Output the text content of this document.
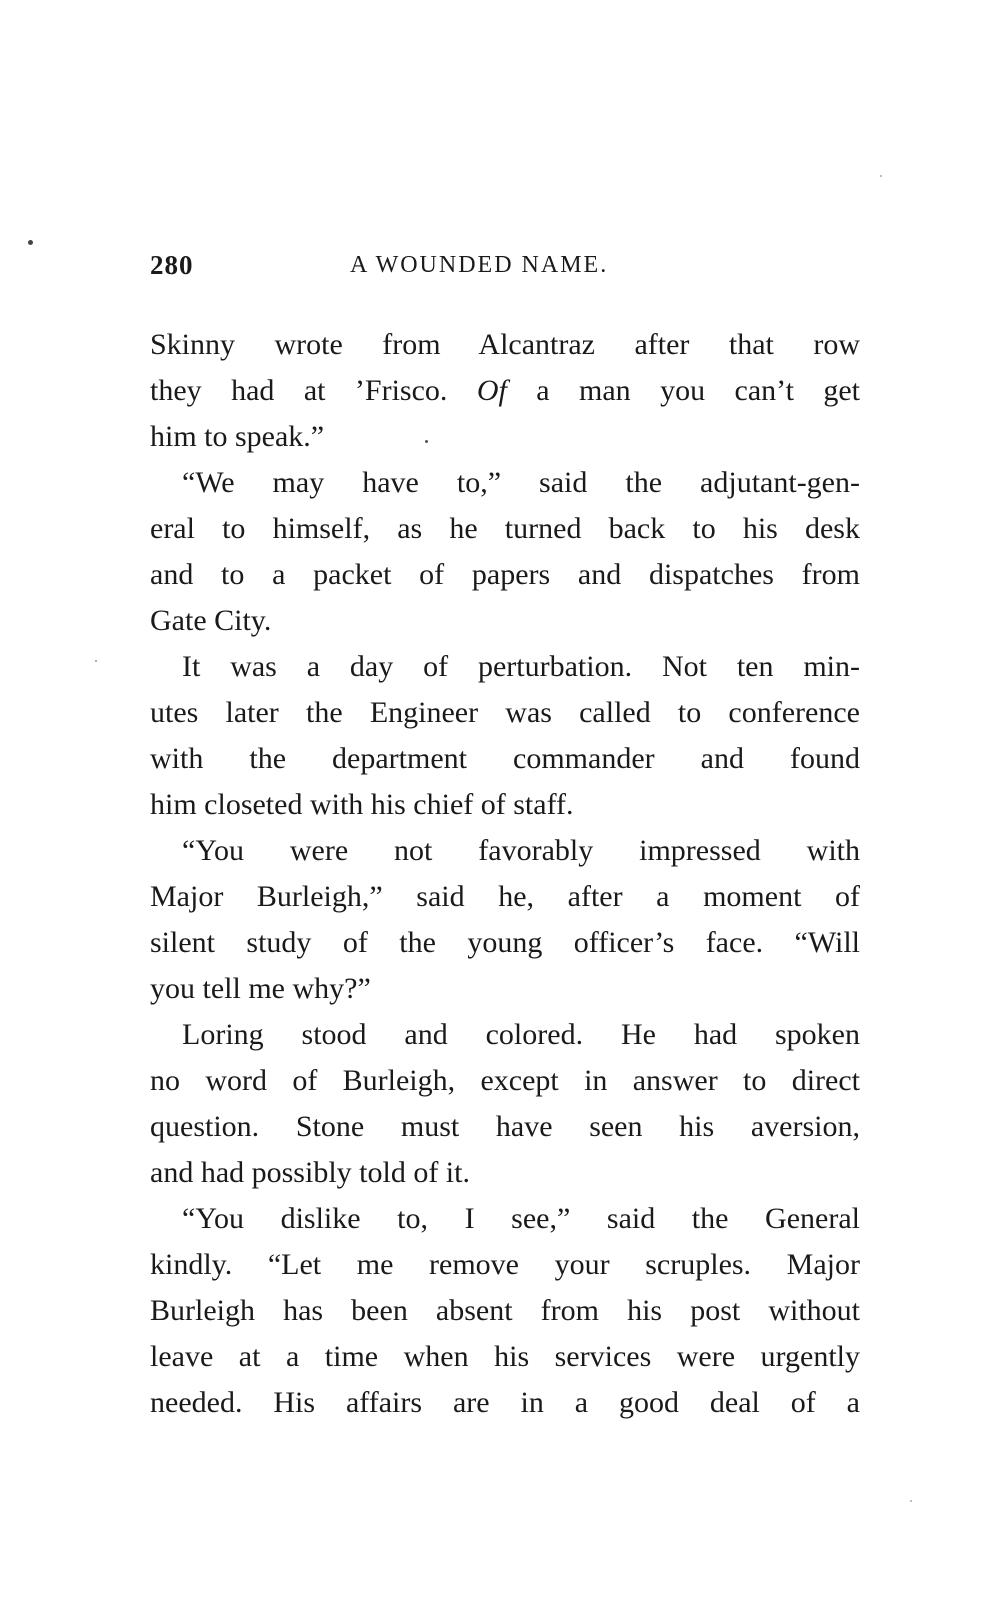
280	A WOUNDED NAME.
Skinny wrote from Alcantraz after that row
they had at ’Frisco. Of a man you can’t get
him to speak.”
“We may have to,” said the adjutant-gen-
eral to himself, as he turned back to his desk
and to a packet of papers and dispatches from
Gate City.
It was a day of perturbation. Not ten min-
utes later the Engineer was called to conference
with the department commander and found
him closeted with his chief of staff.
“You were not favorably impressed with
Major Burleigh,” said he, after a moment of
silent study of the young officer’s face. “Will
you tell me why?”
Loring stood and colored. He had spoken
no word of Burleigh, except in answer to direct
question. Stone must have seen his aversion,
and had possibly told of it.
“You dislike to, I see,” said the General
kindly. “Let me remove your scruples. Major
Burleigh has been absent from his post without
leave at a time when his services were urgently
needed. His affairs are in a good deal of a
